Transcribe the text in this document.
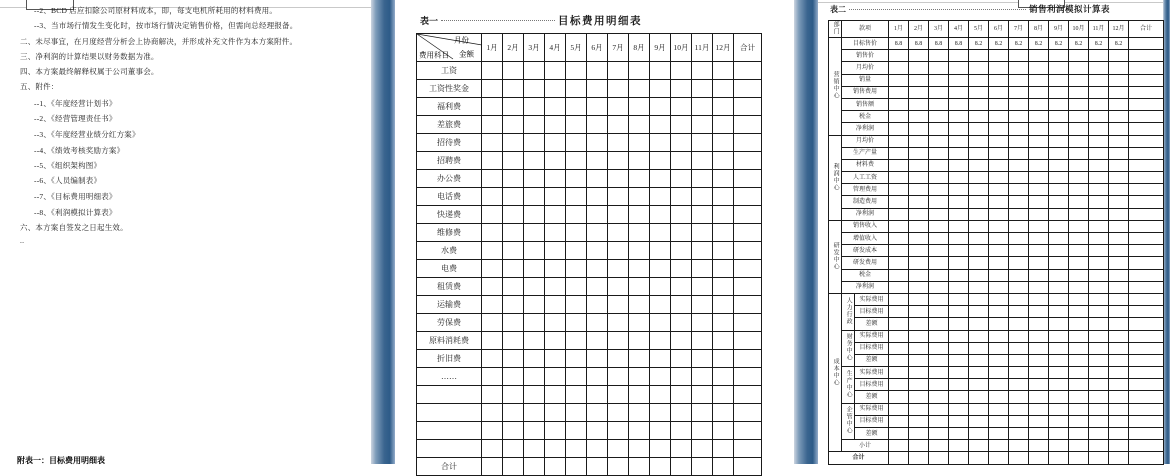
--2、BCD 店应扣除公司原材料成本，即，每支电机所耗用的材料费用。
--3、当市场行情发生变化时，按市场行情决定销售价格，但需向总经理报备。
二、未尽事宜，在月度经营分析会上协商解决，并形成补充文件作为本方案附件。
三、净利润的计算结果以财务数据为准。
四、本方案最终解释权属于公司董事会。
五、附件：
--1、《年度经营计划书》
--2、《经营管理责任书》
--3、《年度经营业绩分红方案》
--4、《绩效考核奖励方案》
--5、《组织架构图》
--6、《人员编制表》
--7、《目标费用明细表》
--8、《利润模拟计算表》
六、本方案自签发之日起生效。
..
附表一：目标费用明细表
表一	目标费用明细表
月份
金额
费用科目	1月	2月	3月	4月	5月	6月	7月	8月	9月	10月	11月	12月	合计
工资													
工资性奖金													
福利费													
差旅费													
招待费													
招聘费													
办公费													
电话费													
快递费													
维修费													
水费													
电费													
租赁费													
运输费													
劳保费													
原料消耗费													
折旧费													
……													

合计													
表二	销售利润模拟计算表
部门	款项		1月	2月	3月	4月	5月	6月	7月	8月	9月	10月	11月	12月	合计
营销中心	目标售价		8.8	8.8	8.8	8.8	8.2	8.2	8.2	8.2	8.2	8.2	8.2	8.2	
	销售价														
	月均价														
	销量														
	销售费用														
	销售额														
	税金														
	净利润														
利润中心	月均价														
	生产产量														
	材料费														
	人工工资														
	管理费用														
	制造费用														
	净利润														
研发中心	销售收入														
	增值收入														
	研发成本														
	研发费用														
	税金														
	净利润														
成本中心	人力行政	实际费用													
		目标费用													
		差额													
	财务中心	实际费用													
		目标费用													
		差额													
	生产中心	实际费用													
		目标费用													
		差额													
	企管中心	实际费用													
		目标费用													
		差额													
	小计														
合计															
